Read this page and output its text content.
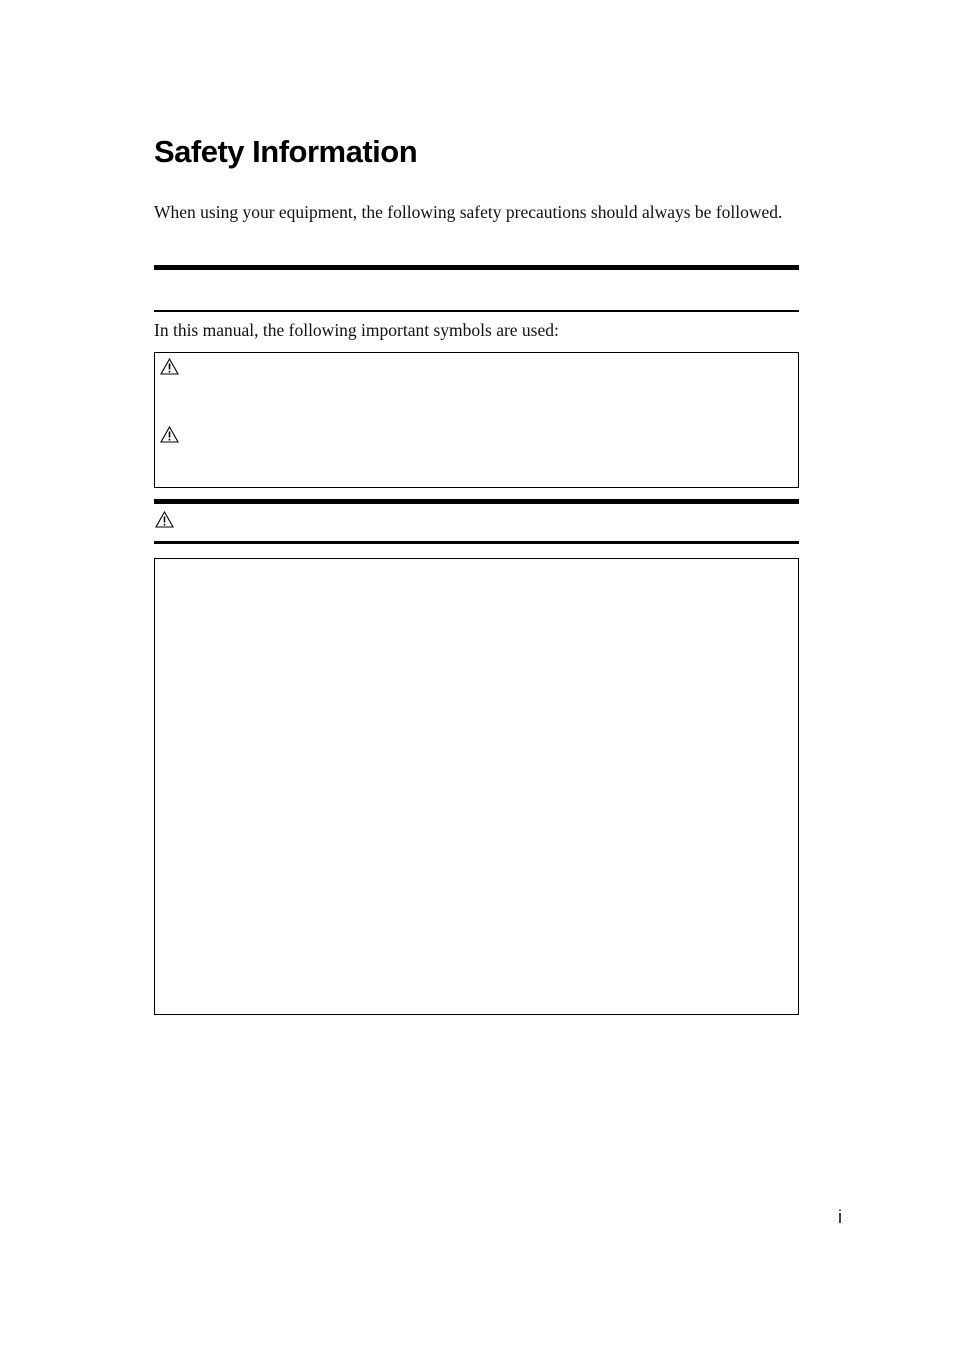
Safety Information

When using your equipment, the following safety precautions should always be followed.

In this manual, the following important symbols are used:

i
